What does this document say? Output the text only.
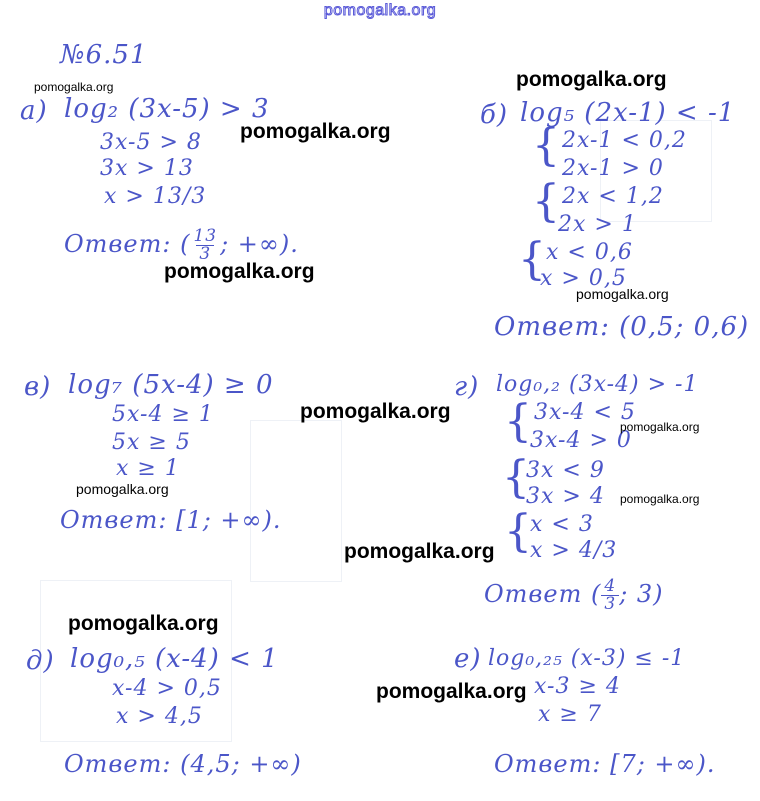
pomogalka.org
№6.51
а) log₂ (3x-5) > 3
3x-5 > 8
3x > 13
x > 13/3
Ответ: ( $\frac{13}{3}$ ; +∞).
б) log₅ (2x-1) < -1
{ 2x-1 < 0,2
2x-1 > 0
{ 2x < 1,2
2x > 1
{ x < 0,6
x > 0,5
Ответ: (0,5; 0,6)
в) log₇ (5x-4) ≥ 0
5x-4 ≥ 1
5x ≥ 5
x ≥ 1
Ответ: [1; +∞).
г) log₀,₂ (3x-4) > -1
{ 3x-4 < 5
3x-4 > 0
{
3x < 9
3x > 4
{
x < 3
x > 4/3
Ответ ( $\frac{4}{3}$ ; 3)
д) log₀,₅ (x-4) < 1
x-4 > 0,5
x > 4,5
Ответ: (4,5; +∞)
е) log₀,₂₅ (x-3) ≤ -1
x-3 ≥ 4
x ≥ 7
Ответ: [7; +∞).
pomogalka.org	pomogalka.org
pomogalka.org
pomogalka.org
pomogalka.org
pomogalka.org
pomogalka.org
pomogalka.org
pomogalka.org
pomogalka.org
pomogalka.org
pomogalka.org
